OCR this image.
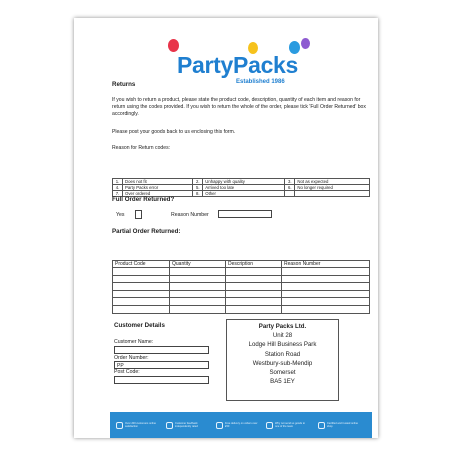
PartyPacks
Established 1986
Returns
If you wish to return a product, please state the product code, description, quantity of each item and reason for return using the codes provided. If you wish to return the whole of the order, please tick 'Full Order Returned' box accordingly.
Please post your goods back to us enclosing this form.
Reason for Return codes:
1.	Does not fit	2.	Unhappy with quality	3.	Not as expected
4.	Party Packs error	5.	Arrived too late	6.	No longer required
7.	Over ordered	8.	Other		
Full Order Returned?
Yes	Reason Number
Partial Order Returned:
Product Code	Quantity	Description	Reason Number

Customer Details
Customer Name:
Order Number:
PP
Post Code:
Party Packs Ltd.
Unit 28
Lodge Hill Business Park
Station Road
Westbury-sub-Mendip
Somerset
BA5 1EY
Over 200 customers online satisfaction
Customer feedback independently rated
Free delivery on orders over £50
Why not send us goods to one of the team
Certified and trusted online shop
